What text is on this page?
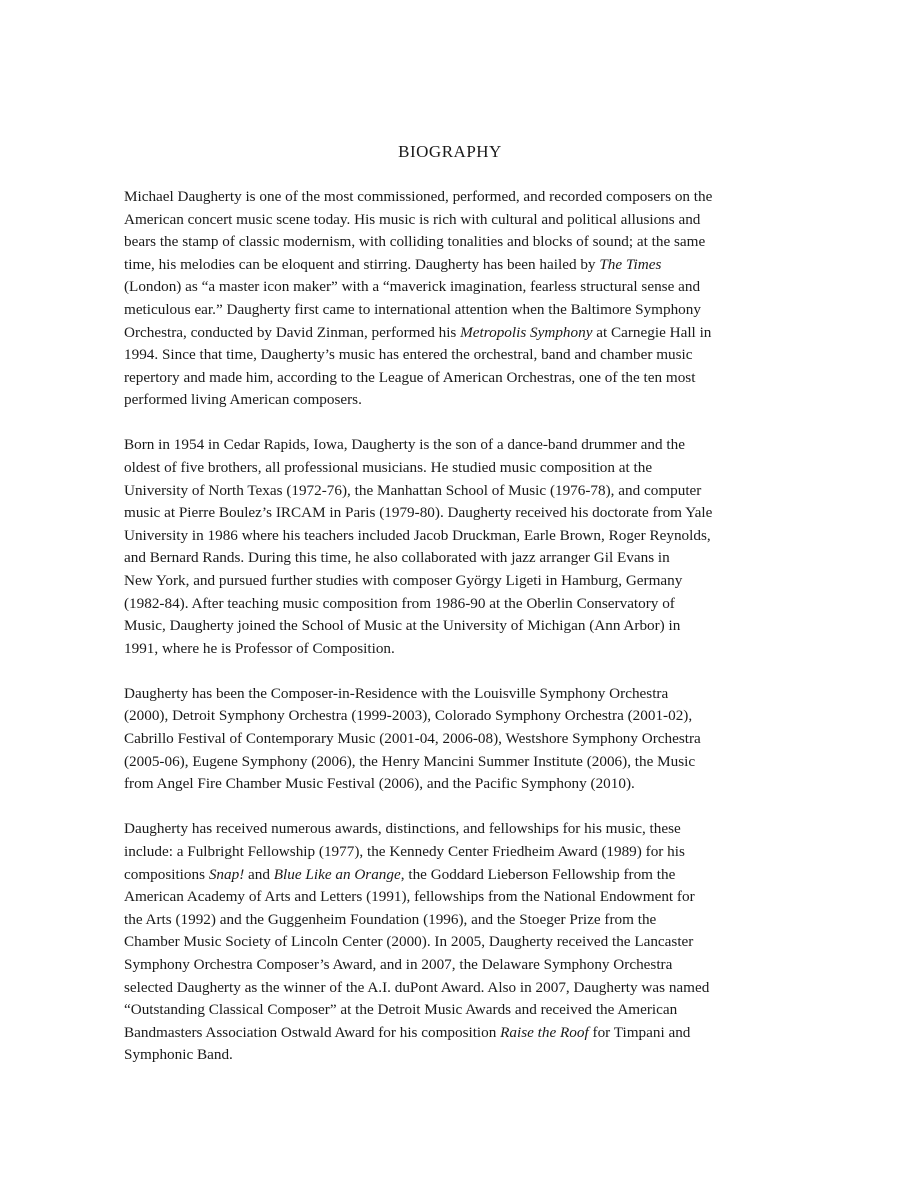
BIOGRAPHY

Michael Daugherty is one of the most commissioned, performed, and recorded composers on the
American concert music scene today. His music is rich with cultural and political allusions and
bears the stamp of classic modernism, with colliding tonalities and blocks of sound; at the same
time, his melodies can be eloquent and stirring. Daugherty has been hailed by The Times
(London) as “a master icon maker” with a “maverick imagination, fearless structural sense and
meticulous ear.” Daugherty first came to international attention when the Baltimore Symphony
Orchestra, conducted by David Zinman, performed his Metropolis Symphony at Carnegie Hall in
1994. Since that time, Daugherty’s music has entered the orchestral, band and chamber music
repertory and made him, according to the League of American Orchestras, one of the ten most
performed living American composers.

Born in 1954 in Cedar Rapids, Iowa, Daugherty is the son of a dance-band drummer and the
oldest of five brothers, all professional musicians. He studied music composition at the
University of North Texas (1972-76), the Manhattan School of Music (1976-78), and computer
music at Pierre Boulez’s IRCAM in Paris (1979-80). Daugherty received his doctorate from Yale
University in 1986 where his teachers included Jacob Druckman, Earle Brown, Roger Reynolds,
and Bernard Rands. During this time, he also collaborated with jazz arranger Gil Evans in
New York, and pursued further studies with composer György Ligeti in Hamburg, Germany
(1982-84). After teaching music composition from 1986-90 at the Oberlin Conservatory of
Music, Daugherty joined the School of Music at the University of Michigan (Ann Arbor) in
1991, where he is Professor of Composition.

Daugherty has been the Composer-in-Residence with the Louisville Symphony Orchestra
(2000), Detroit Symphony Orchestra (1999-2003), Colorado Symphony Orchestra (2001-02),
Cabrillo Festival of Contemporary Music (2001-04, 2006-08), Westshore Symphony Orchestra
(2005-06), Eugene Symphony (2006), the Henry Mancini Summer Institute (2006), the Music
from Angel Fire Chamber Music Festival (2006), and the Pacific Symphony (2010).

Daugherty has received numerous awards, distinctions, and fellowships for his music, these
include: a Fulbright Fellowship (1977), the Kennedy Center Friedheim Award (1989) for his
compositions Snap! and Blue Like an Orange, the Goddard Lieberson Fellowship from the
American Academy of Arts and Letters (1991), fellowships from the National Endowment for
the Arts (1992) and the Guggenheim Foundation (1996), and the Stoeger Prize from the
Chamber Music Society of Lincoln Center (2000). In 2005, Daugherty received the Lancaster
Symphony Orchestra Composer’s Award, and in 2007, the Delaware Symphony Orchestra
selected Daugherty as the winner of the A.I. duPont Award. Also in 2007, Daugherty was named
“Outstanding Classical Composer” at the Detroit Music Awards and received the American
Bandmasters Association Ostwald Award for his composition Raise the Roof for Timpani and
Symphonic Band.
